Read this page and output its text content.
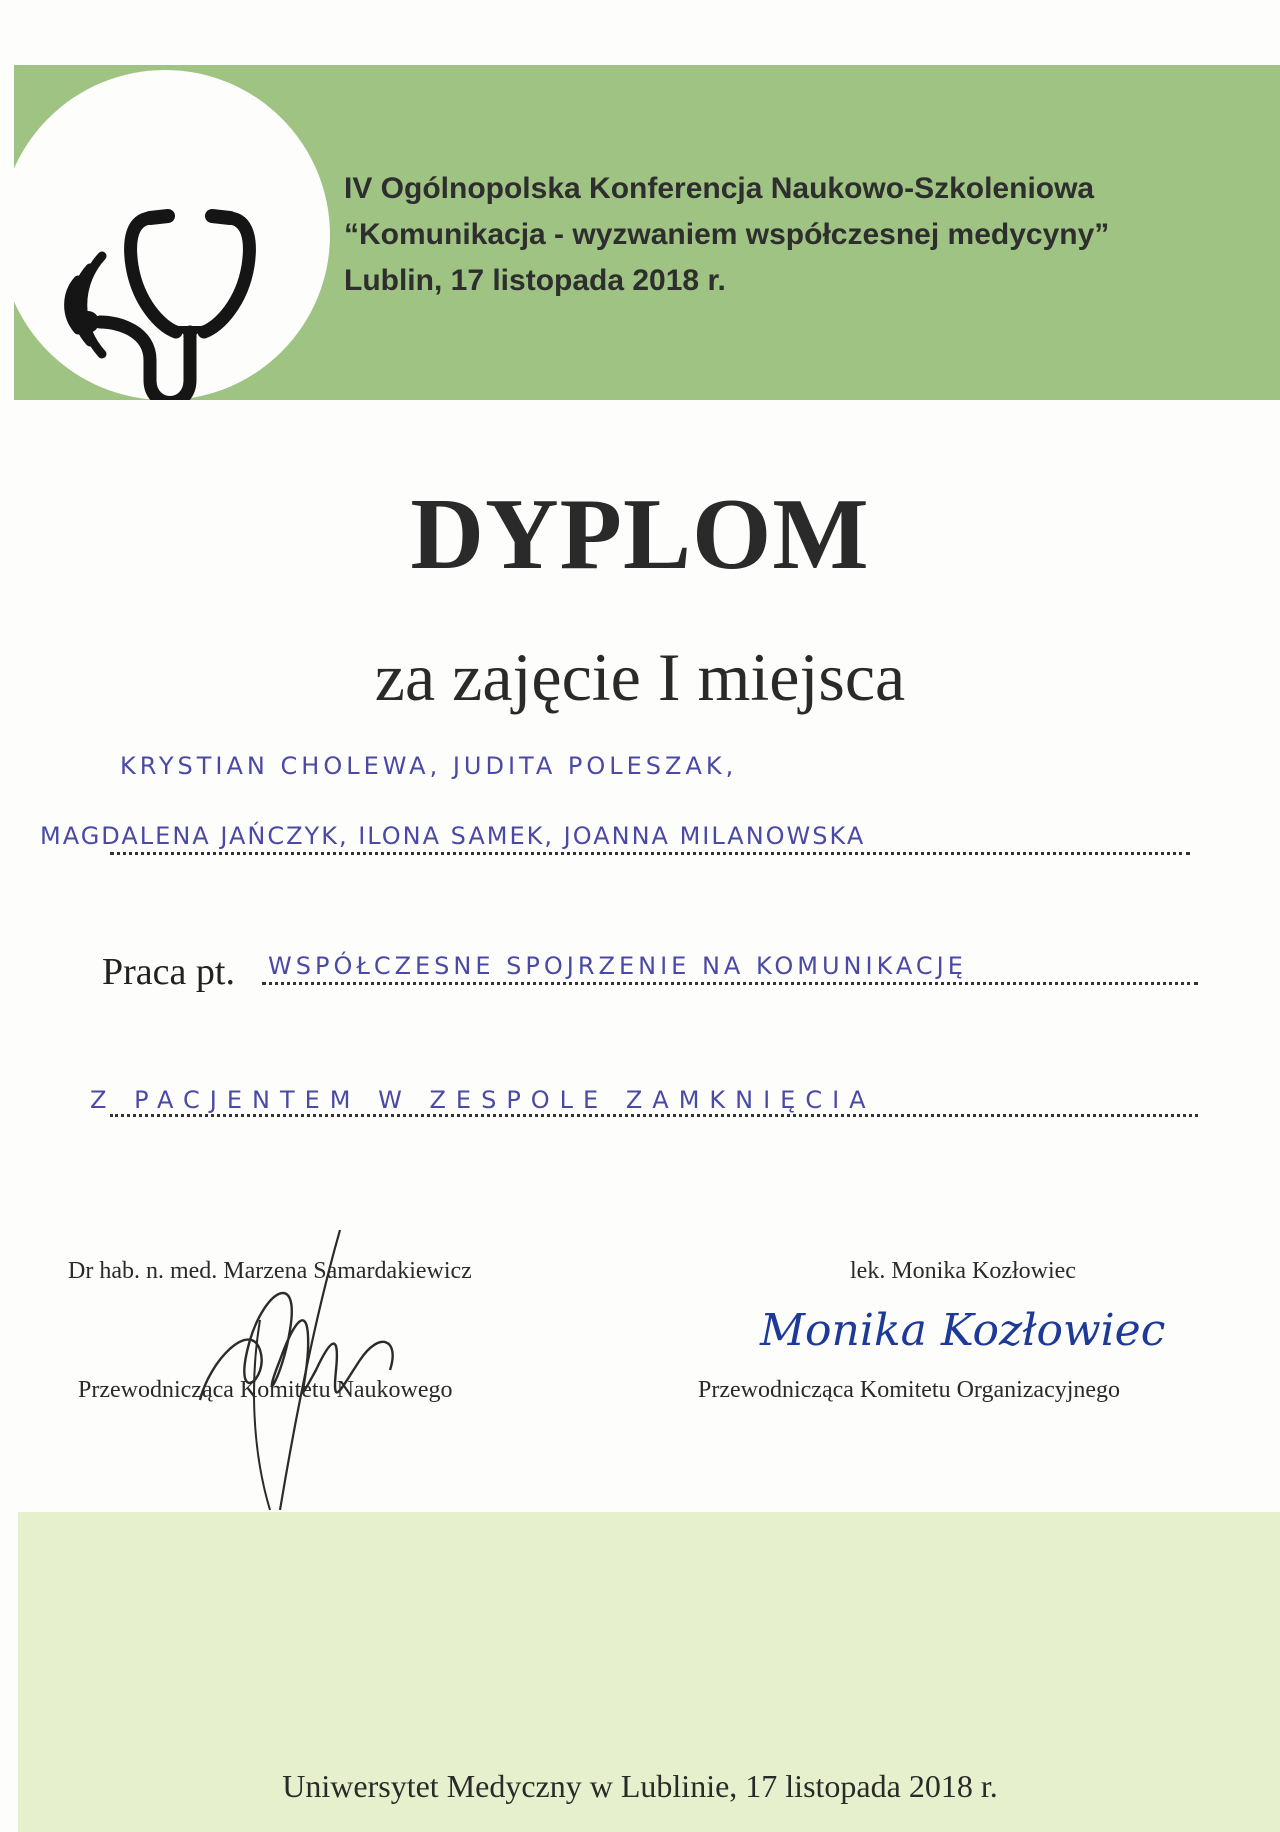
IV Ogólnopolska Konferencja Naukowo-Szkoleniowa
“Komunikacja - wyzwaniem współczesnej medycyny”
Lublin, 17 listopada 2018 r.
DYPLOM
za zajęcie I miejsca
KRYSTIAN CHOLEWA, JUDITA POLESZAK,
MAGDALENA JAŃCZYK, ILONA SAMEK, JOANNA MILANOWSKA
Praca pt. WSPÓŁCZESNE SPOJRZENIE NA KOMUNIKACJĘ
Z PACJENTEM W ZESPOLE ZAMKNIĘCIA
Dr hab. n. med. Marzena Samardakiewicz
Przewodnicząca Komitetu Naukowego
lek. Monika Kozłowiec
Monika Kozłowiec
Przewodnicząca Komitetu Organizacyjnego
Uniwersytet Medyczny w Lublinie, 17 listopada 2018 r.
